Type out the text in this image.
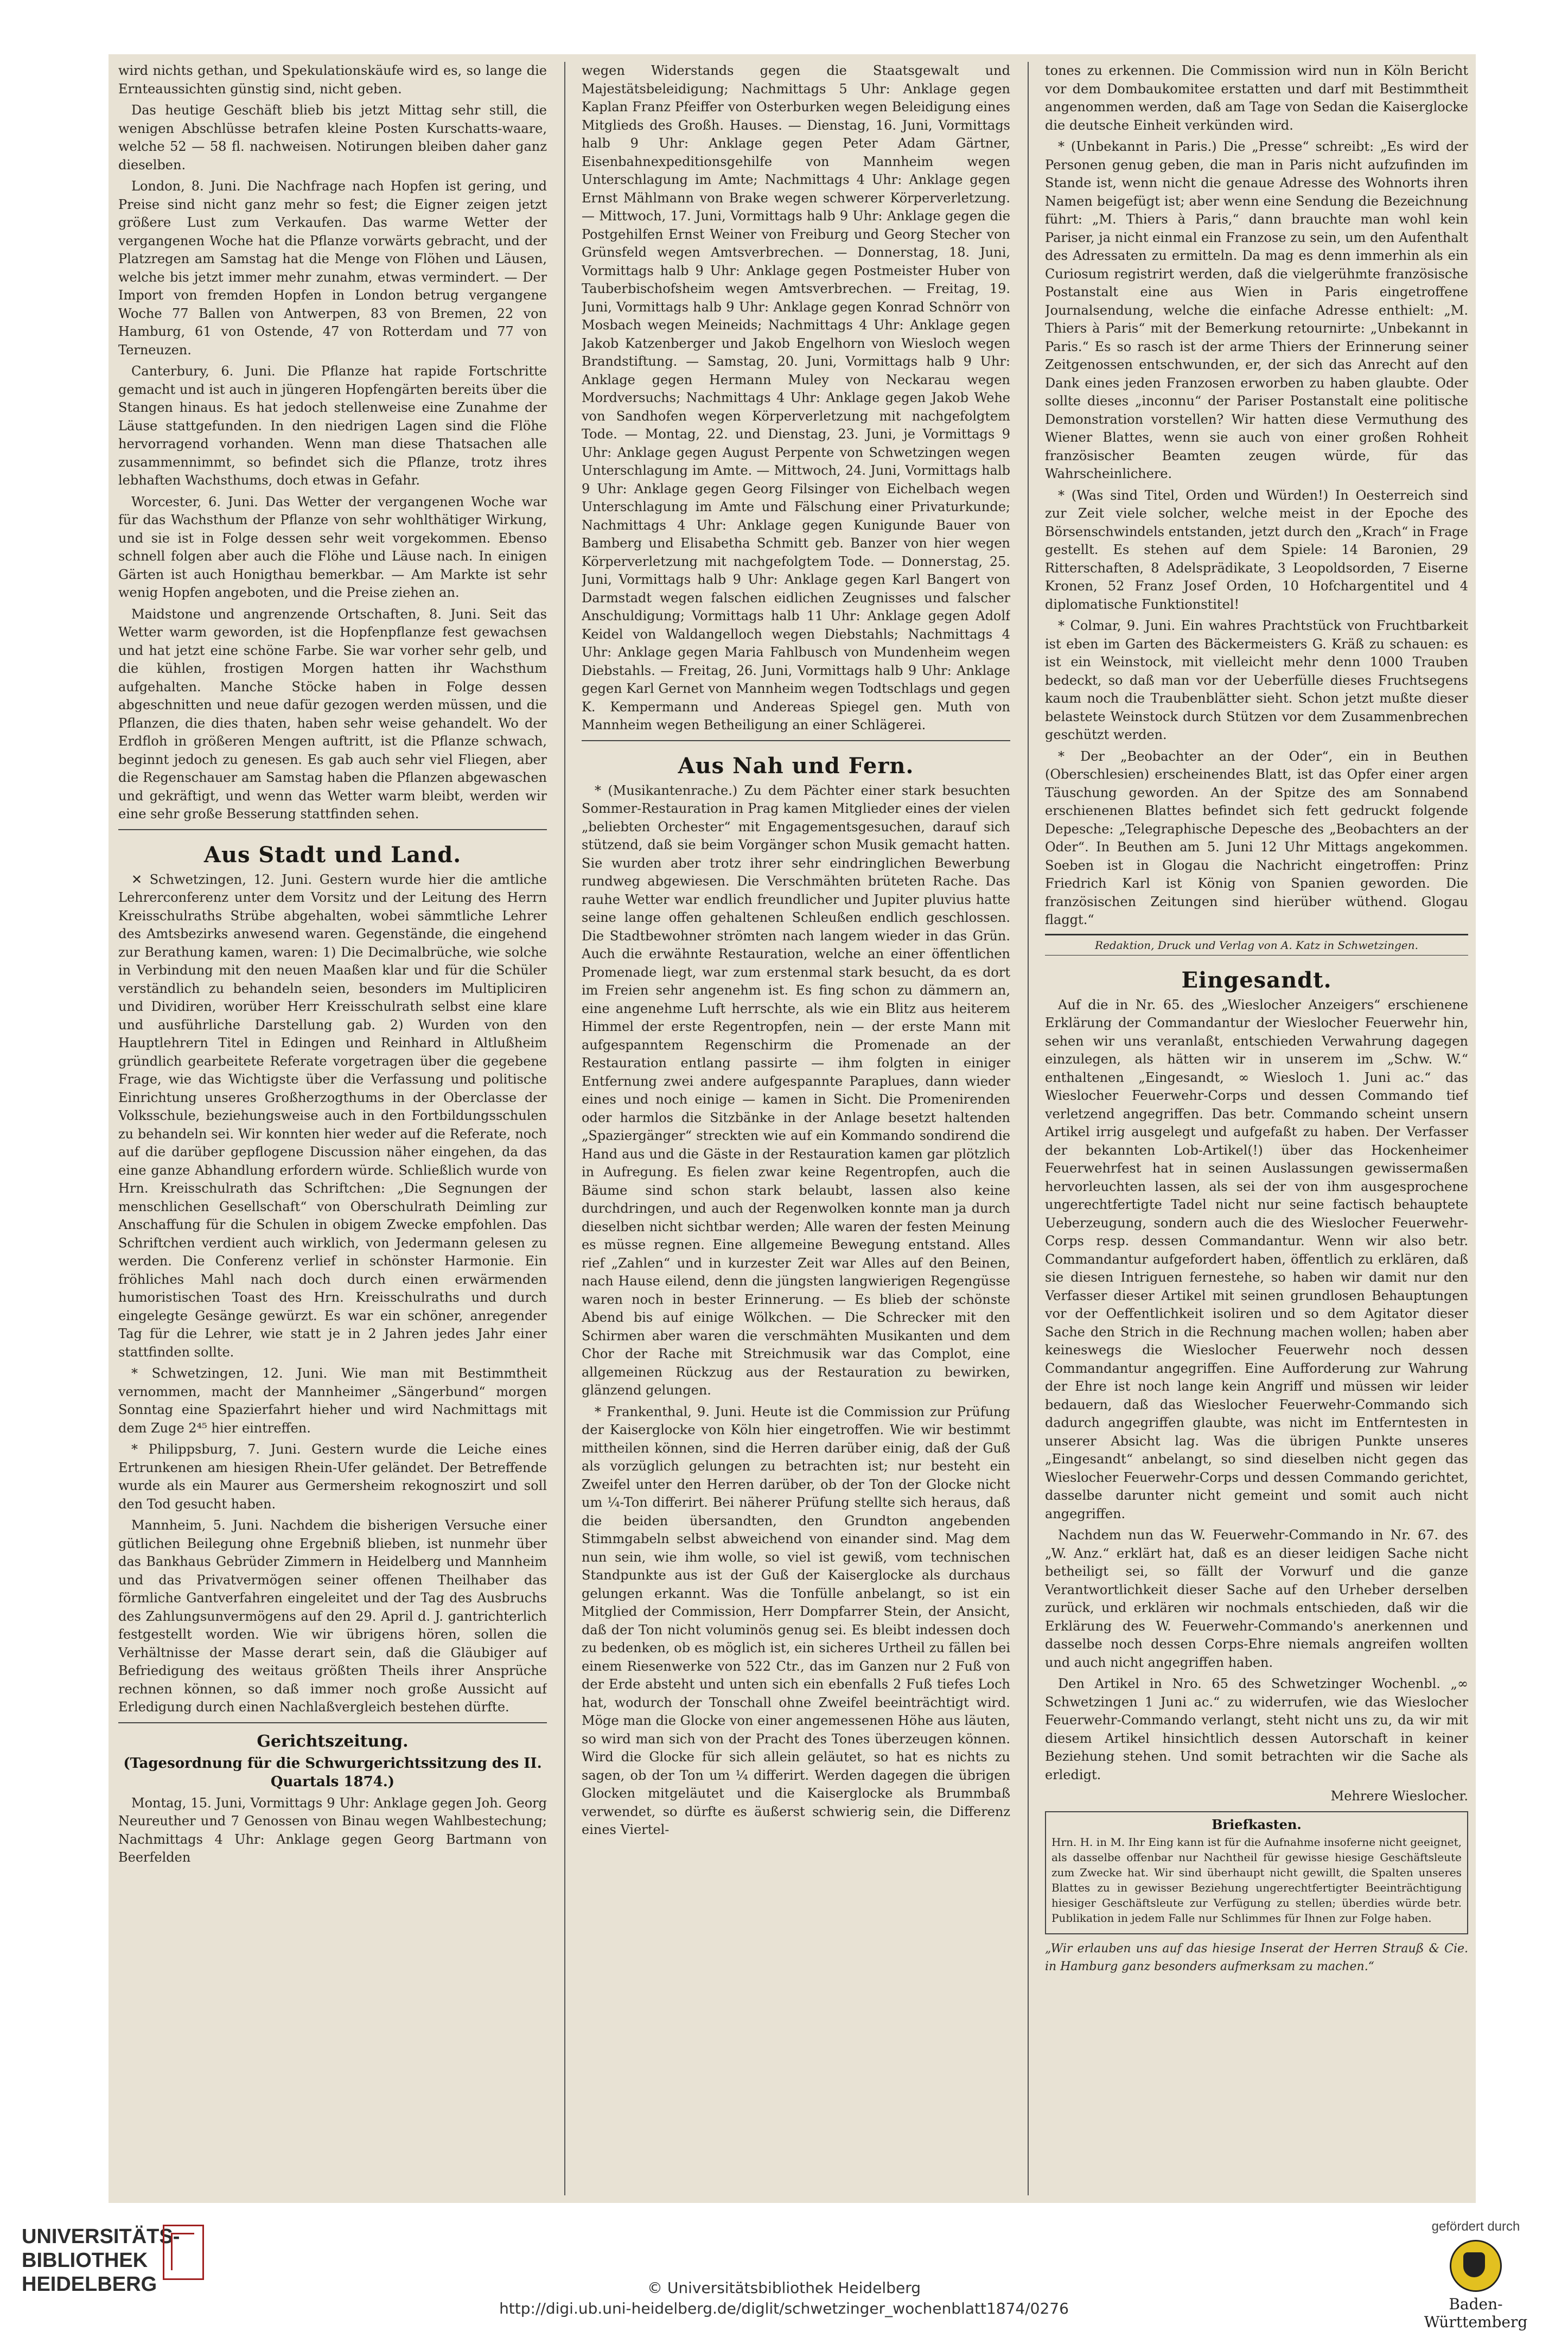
wird nichts gethan, und Spekulationskäufe wird es, so lange die Ernteaussichten günstig sind, nicht geben.

Das heutige Geschäft blieb bis jetzt Mittag sehr still, die wenigen Abschlüsse betrafen kleine Posten Kurschatts-waare, welche 52 — 58 fl. nachweisen. Notirungen bleiben daher ganz dieselben.

London, 8. Juni. Die Nachfrage nach Hopfen ist gering, und Preise sind nicht ganz mehr so fest; die Eigner zeigen jetzt größere Lust zum Verkaufen. Das warme Wetter der vergangenen Woche hat die Pflanze vorwärts gebracht, und der Platzregen am Samstag hat die Menge von Flöhen und Läusen, welche bis jetzt immer mehr zunahm, etwas vermindert. — Der Import von fremden Hopfen in London betrug vergangene Woche 77 Ballen von Antwerpen, 83 von Bremen, 22 von Hamburg, 61 von Ostende, 47 von Rotterdam und 77 von Terneuzen.

Canterbury, 6. Juni. Die Pflanze hat rapide Fortschritte gemacht und ist auch in jüngeren Hopfengärten bereits über die Stangen hinaus. Es hat jedoch stellenweise eine Zunahme der Läuse stattgefunden. In den niedrigen Lagen sind die Flöhe hervorragend vorhanden. Wenn man diese Thatsachen alle zusammennimmt, so befindet sich die Pflanze, trotz ihres lebhaften Wachsthums, doch etwas in Gefahr.

Worcester, 6. Juni. Das Wetter der vergangenen Woche war für das Wachsthum der Pflanze von sehr wohlthätiger Wirkung, und sie ist in Folge dessen sehr weit vorgekommen. Ebenso schnell folgen aber auch die Flöhe und Läuse nach. In einigen Gärten ist auch Honigthau bemerkbar. — Am Markte ist sehr wenig Hopfen angeboten, und die Preise ziehen an.

Maidstone und angrenzende Ortschaften, 8. Juni. Seit das Wetter warm geworden, ist die Hopfenpflanze fest gewachsen und hat jetzt eine schöne Farbe. Sie war vorher sehr gelb, und die kühlen, frostigen Morgen hatten ihr Wachsthum aufgehalten. Manche Stöcke haben in Folge dessen abgeschnitten und neue dafür gezogen werden müssen, und die Pflanzen, die dies thaten, haben sehr weise gehandelt. Wo der Erdfloh in größeren Mengen auftritt, ist die Pflanze schwach, beginnt jedoch zu genesen. Es gab auch sehr viel Fliegen, aber die Regenschauer am Samstag haben die Pflanzen abgewaschen und gekräftigt, und wenn das Wetter warm bleibt, werden wir eine sehr große Besserung stattfinden sehen.

Aus Stadt und Land.

✕ Schwetzingen, 12. Juni. Gestern wurde hier die amtliche Lehrerconferenz unter dem Vorsitz und der Leitung des Herrn Kreisschulraths Strübe abgehalten, wobei sämmtliche Lehrer des Amtsbezirks anwesend waren. Gegenstände, die eingehend zur Berathung kamen, waren: 1) Die Decimalbrüche, wie solche in Verbindung mit den neuen Maaßen klar und für die Schüler verständlich zu behandeln seien, besonders im Multipliciren und Dividiren, worüber Herr Kreisschulrath selbst eine klare und ausführliche Darstellung gab. 2) Wurden von den Hauptlehrern Titel in Edingen und Reinhard in Altlußheim gründlich gearbeitete Referate vorgetragen über die gegebene Frage, wie das Wichtigste über die Verfassung und politische Einrichtung unseres Großherzogthums in der Oberclasse der Volksschule, beziehungsweise auch in den Fortbildungsschulen zu behandeln sei. Wir konnten hier weder auf die Referate, noch auf die darüber gepflogene Discussion näher eingehen, da das eine ganze Abhandlung erfordern würde. Schließlich wurde von Hrn. Kreisschulrath das Schriftchen: „Die Segnungen der menschlichen Gesellschaft“ von Oberschulrath Deimling zur Anschaffung für die Schulen in obigem Zwecke empfohlen. Das Schriftchen verdient auch wirklich, von Jedermann gelesen zu werden. Die Conferenz verlief in schönster Harmonie. Ein fröhliches Mahl nach doch durch einen erwärmenden humoristischen Toast des Hrn. Kreisschulraths und durch eingelegte Gesänge gewürzt. Es war ein schöner, anregender Tag für die Lehrer, wie statt je in 2 Jahren jedes Jahr einer stattfinden sollte.

* Schwetzingen, 12. Juni. Wie man mit Bestimmtheit vernommen, macht der Mannheimer „Sängerbund“ morgen Sonntag eine Spazierfahrt hieher und wird Nachmittags mit dem Zuge 2⁴⁵ hier eintreffen.

* Philippsburg, 7. Juni. Gestern wurde die Leiche eines Ertrunkenen am hiesigen Rhein-Ufer geländet. Der Betreffende wurde als ein Maurer aus Germersheim rekognoszirt und soll den Tod gesucht haben.

Mannheim, 5. Juni. Nachdem die bisherigen Versuche einer gütlichen Beilegung ohne Ergebniß blieben, ist nunmehr über das Bankhaus Gebrüder Zimmern in Heidelberg und Mannheim und das Privatvermögen seiner offenen Theilhaber das förmliche Gantverfahren eingeleitet und der Tag des Ausbruchs des Zahlungsunvermögens auf den 29. April d. J. gantrichterlich festgestellt worden. Wie wir übrigens hören, sollen die Verhältnisse der Masse derart sein, daß die Gläubiger auf Befriedigung des weitaus größten Theils ihrer Ansprüche rechnen können, so daß immer noch große Aussicht auf Erledigung durch einen Nachlaßvergleich bestehen dürfte.

Gerichtszeitung.
(Tagesordnung für die Schwurgerichtssitzung des II. Quartals 1874.)

Montag, 15. Juni, Vormittags 9 Uhr: Anklage gegen Joh. Georg Neureuther und 7 Genossen von Binau wegen Wahlbestechung; Nachmittags 4 Uhr: Anklage gegen Georg Bartmann von Beerfelden

wegen Widerstands gegen die Staatsgewalt und Majestätsbeleidigung; Nachmittags 5 Uhr: Anklage gegen Kaplan Franz Pfeiffer von Osterburken wegen Beleidigung eines Mitglieds des Großh. Hauses. — Dienstag, 16. Juni, Vormittags halb 9 Uhr: Anklage gegen Peter Adam Gärtner, Eisenbahnexpeditionsgehilfe von Mannheim wegen Unterschlagung im Amte; Nachmittags 4 Uhr: Anklage gegen Ernst Mählmann von Brake wegen schwerer Körperverletzung. — Mittwoch, 17. Juni, Vormittags halb 9 Uhr: Anklage gegen die Postgehilfen Ernst Weiner von Freiburg und Georg Stecher von Grünsfeld wegen Amtsverbrechen. — Donnerstag, 18. Juni, Vormittags halb 9 Uhr: Anklage gegen Postmeister Huber von Tauberbischofsheim wegen Amtsverbrechen. — Freitag, 19. Juni, Vormittags halb 9 Uhr: Anklage gegen Konrad Schnörr von Mosbach wegen Meineids; Nachmittags 4 Uhr: Anklage gegen Jakob Katzenberger und Jakob Engelhorn von Wiesloch wegen Brandstiftung. — Samstag, 20. Juni, Vormittags halb 9 Uhr: Anklage gegen Hermann Muley von Neckarau wegen Mordversuchs; Nachmittags 4 Uhr: Anklage gegen Jakob Wehe von Sandhofen wegen Körperverletzung mit nachgefolgtem Tode. — Montag, 22. und Dienstag, 23. Juni, je Vormittags 9 Uhr: Anklage gegen August Perpente von Schwetzingen wegen Unterschlagung im Amte. — Mittwoch, 24. Juni, Vormittags halb 9 Uhr: Anklage gegen Georg Filsinger von Eichelbach wegen Unterschlagung im Amte und Fälschung einer Privaturkunde; Nachmittags 4 Uhr: Anklage gegen Kunigunde Bauer von Bamberg und Elisabetha Schmitt geb. Banzer von hier wegen Körperverletzung mit nachgefolgtem Tode. — Donnerstag, 25. Juni, Vormittags halb 9 Uhr: Anklage gegen Karl Bangert von Darmstadt wegen falschen eidlichen Zeugnisses und falscher Anschuldigung; Vormittags halb 11 Uhr: Anklage gegen Adolf Keidel von Waldangelloch wegen Diebstahls; Nachmittags 4 Uhr: Anklage gegen Maria Fahlbusch von Mundenheim wegen Diebstahls. — Freitag, 26. Juni, Vormittags halb 9 Uhr: Anklage gegen Karl Gernet von Mannheim wegen Todtschlags und gegen K. Kempermann und Andereas Spiegel gen. Muth von Mannheim wegen Betheiligung an einer Schlägerei.

Aus Nah und Fern.

* (Musikantenrache.) Zu dem Pächter einer stark besuchten Sommer-Restauration in Prag kamen Mitglieder eines der vielen „beliebten Orchester“ mit Engagementsgesuchen, darauf sich stützend, daß sie beim Vorgänger schon Musik gemacht hatten. Sie wurden aber trotz ihrer sehr eindringlichen Bewerbung rundweg abgewiesen. Die Verschmähten brüteten Rache. Das rauhe Wetter war endlich freundlicher und Jupiter pluvius hatte seine lange offen gehaltenen Schleußen endlich geschlossen. Die Stadtbewohner strömten nach langem wieder in das Grün. Auch die erwähnte Restauration, welche an einer öffentlichen Promenade liegt, war zum erstenmal stark besucht, da es dort im Freien sehr angenehm ist. Es fing schon zu dämmern an, eine angenehme Luft herrschte, als wie ein Blitz aus heiterem Himmel der erste Regentropfen, nein — der erste Mann mit aufgespanntem Regenschirm die Promenade an der Restauration entlang passirte — ihm folgten in einiger Entfernung zwei andere aufgespannte Paraplues, dann wieder eines und noch einige — kamen in Sicht. Die Promenirenden oder harmlos die Sitzbänke in der Anlage besetzt haltenden „Spaziergänger“ streckten wie auf ein Kommando sondirend die Hand aus und die Gäste in der Restauration kamen gar plötzlich in Aufregung. Es fielen zwar keine Regentropfen, auch die Bäume sind schon stark belaubt, lassen also keine durchdringen, und auch der Regenwolken konnte man ja durch dieselben nicht sichtbar werden; Alle waren der festen Meinung es müsse regnen. Eine allgemeine Bewegung entstand. Alles rief „Zahlen“ und in kurzester Zeit war Alles auf den Beinen, nach Hause eilend, denn die jüngsten langwierigen Regengüsse waren noch in bester Erinnerung. — Es blieb der schönste Abend bis auf einige Wölkchen. — Die Schrecker mit den Schirmen aber waren die verschmähten Musikanten und dem Chor der Rache mit Streichmusik war das Complot, eine allgemeinen Rückzug aus der Restauration zu bewirken, glänzend gelungen.

* Frankenthal, 9. Juni. Heute ist die Commission zur Prüfung der Kaiserglocke von Köln hier eingetroffen. Wie wir bestimmt mittheilen können, sind die Herren darüber einig, daß der Guß als vorzüglich gelungen zu betrachten ist; nur besteht ein Zweifel unter den Herren darüber, ob der Ton der Glocke nicht um ¼-Ton differirt. Bei näherer Prüfung stellte sich heraus, daß die beiden übersandten, den Grundton angebenden Stimmgabeln selbst abweichend von einander sind. Mag dem nun sein, wie ihm wolle, so viel ist gewiß, vom technischen Standpunkte aus ist der Guß der Kaiserglocke als durchaus gelungen erkannt. Was die Tonfülle anbelangt, so ist ein Mitglied der Commission, Herr Dompfarrer Stein, der Ansicht, daß der Ton nicht voluminös genug sei. Es bleibt indessen doch zu bedenken, ob es möglich ist, ein sicheres Urtheil zu fällen bei einem Riesenwerke von 522 Ctr., das im Ganzen nur 2 Fuß von der Erde absteht und unten sich ein ebenfalls 2 Fuß tiefes Loch hat, wodurch der Tonschall ohne Zweifel beeinträchtigt wird. Möge man die Glocke von einer angemessenen Höhe aus läuten, so wird man sich von der Pracht des Tones überzeugen können. Wird die Glocke für sich allein geläutet, so hat es nichts zu sagen, ob der Ton um ¼ differirt. Werden dagegen die übrigen Glocken mitgeläutet und die Kaiserglocke als Brummbaß verwendet, so dürfte es äußerst schwierig sein, die Differenz eines Viertel-

tones zu erkennen. Die Commission wird nun in Köln Bericht vor dem Dombaukomitee erstatten und darf mit Bestimmtheit angenommen werden, daß am Tage von Sedan die Kaiserglocke die deutsche Einheit verkünden wird.

* (Unbekannt in Paris.) Die „Presse“ schreibt: „Es wird der Personen genug geben, die man in Paris nicht aufzufinden im Stande ist, wenn nicht die genaue Adresse des Wohnorts ihren Namen beigefügt ist; aber wenn eine Sendung die Bezeichnung führt: „M. Thiers à Paris,“ dann brauchte man wohl kein Pariser, ja nicht einmal ein Franzose zu sein, um den Aufenthalt des Adressaten zu ermitteln. Da mag es denn immerhin als ein Curiosum registrirt werden, daß die vielgerühmte französische Postanstalt eine aus Wien in Paris eingetroffene Journalsendung, welche die einfache Adresse enthielt: „M. Thiers à Paris“ mit der Bemerkung retournirte: „Unbekannt in Paris.“ Es so rasch ist der arme Thiers der Erinnerung seiner Zeitgenossen entschwunden, er, der sich das Anrecht auf den Dank eines jeden Franzosen erworben zu haben glaubte. Oder sollte dieses „inconnu“ der Pariser Postanstalt eine politische Demonstration vorstellen? Wir hatten diese Vermuthung des Wiener Blattes, wenn sie auch von einer großen Rohheit französischer Beamten zeugen würde, für das Wahrscheinlichere.

* (Was sind Titel, Orden und Würden!) In Oesterreich sind zur Zeit viele solcher, welche meist in der Epoche des Börsenschwindels entstanden, jetzt durch den „Krach“ in Frage gestellt. Es stehen auf dem Spiele: 14 Baronien, 29 Ritterschaften, 8 Adelsprädikate, 3 Leopoldsorden, 7 Eiserne Kronen, 52 Franz Josef Orden, 10 Hofchargentitel und 4 diplomatische Funktionstitel!

* Colmar, 9. Juni. Ein wahres Prachtstück von Fruchtbarkeit ist eben im Garten des Bäckermeisters G. Kräß zu schauen: es ist ein Weinstock, mit vielleicht mehr denn 1000 Trauben bedeckt, so daß man vor der Ueberfülle dieses Fruchtsegens kaum noch die Traubenblätter sieht. Schon jetzt mußte dieser belastete Weinstock durch Stützen vor dem Zusammenbrechen geschützt werden.

* Der „Beobachter an der Oder“, ein in Beuthen (Oberschlesien) erscheinendes Blatt, ist das Opfer einer argen Täuschung geworden. An der Spitze des am Sonnabend erschienenen Blattes befindet sich fett gedruckt folgende Depesche: „Telegraphische Depesche des „Beobachters an der Oder“. In Beuthen am 5. Juni 12 Uhr Mittags angekommen. Soeben ist in Glogau die Nachricht eingetroffen: Prinz Friedrich Karl ist König von Spanien geworden. Die französischen Zeitungen sind hierüber wüthend. Glogau flaggt.“

Redaktion, Druck und Verlag von A. Katz in Schwetzingen.
Eingesandt.

Auf die in Nr. 65. des „Wieslocher Anzeigers“ erschienene Erklärung der Commandantur der Wieslocher Feuerwehr hin, sehen wir uns veranlaßt, entschieden Verwahrung dagegen einzulegen, als hätten wir in unserem im „Schw. W.“ enthaltenen „Eingesandt, ∞ Wiesloch 1. Juni ac.“ das Wieslocher Feuerwehr-Corps und dessen Commando tief verletzend angegriffen. Das betr. Commando scheint unsern Artikel irrig ausgelegt und aufgefaßt zu haben. Der Verfasser der bekannten Lob-Artikel(!) über das Hockenheimer Feuerwehrfest hat in seinen Auslassungen gewissermaßen hervorleuchten lassen, als sei der von ihm ausgesprochene ungerechtfertigte Tadel nicht nur seine factisch behauptete Ueberzeugung, sondern auch die des Wieslocher Feuerwehr-Corps resp. dessen Commandantur. Wenn wir also betr. Commandantur aufgefordert haben, öffentlich zu erklären, daß sie diesen Intriguen fernestehe, so haben wir damit nur den Verfasser dieser Artikel mit seinen grundlosen Behauptungen vor der Oeffentlichkeit isoliren und so dem Agitator dieser Sache den Strich in die Rechnung machen wollen; haben aber keineswegs die Wieslocher Feuerwehr noch dessen Commandantur angegriffen. Eine Aufforderung zur Wahrung der Ehre ist noch lange kein Angriff und müssen wir leider bedauern, daß das Wieslocher Feuerwehr-Commando sich dadurch angegriffen glaubte, was nicht im Entferntesten in unserer Absicht lag. Was die übrigen Punkte unseres „Eingesandt“ anbelangt, so sind dieselben nicht gegen das Wieslocher Feuerwehr-Corps und dessen Commando gerichtet, dasselbe darunter nicht gemeint und somit auch nicht angegriffen.

Nachdem nun das W. Feuerwehr-Commando in Nr. 67. des „W. Anz.“ erklärt hat, daß es an dieser leidigen Sache nicht betheiligt sei, so fällt der Vorwurf und die ganze Verantwortlichkeit dieser Sache auf den Urheber derselben zurück, und erklären wir nochmals entschieden, daß wir die Erklärung des W. Feuerwehr-Commando's anerkennen und dasselbe noch dessen Corps-Ehre niemals angreifen wollten und auch nicht angegriffen haben.

Den Artikel in Nro. 65 des Schwetzinger Wochenbl. „∞ Schwetzingen 1 Juni ac.“ zu widerrufen, wie das Wieslocher Feuerwehr-Commando verlangt, steht nicht uns zu, da wir mit diesem Artikel hinsichtlich dessen Autorschaft in keiner Beziehung stehen. Und somit betrachten wir die Sache als erledigt.

Mehrere Wieslocher.

Briefkasten.

Hrn. H. in M. Ihr Eing kann ist für die Aufnahme insoferne nicht geeignet, als dasselbe offenbar nur Nachtheil für gewisse hiesige Geschäftsleute zum Zwecke hat. Wir sind überhaupt nicht gewillt, die Spalten unseres Blattes zu in gewisser Beziehung ungerechtfertigter Beeinträchtigung hiesiger Geschäftsleute zur Verfügung zu stellen; überdies würde betr. Publikation in jedem Falle nur Schlimmes für Ihnen zur Folge haben.

„Wir erlauben uns auf das hiesige Inserat der Herren Strauß & Cie. in Hamburg ganz besonders aufmerksam zu machen.“

UNIVERSITÄTS-
BIBLIOTHEK
HEIDELBERG	© Universitätsbibliothek Heidelberg
http://digi.ub.uni-heidelberg.de/diglit/schwetzinger_wochenblatt1874/0276
gefördert durch
Baden-Württemberg
